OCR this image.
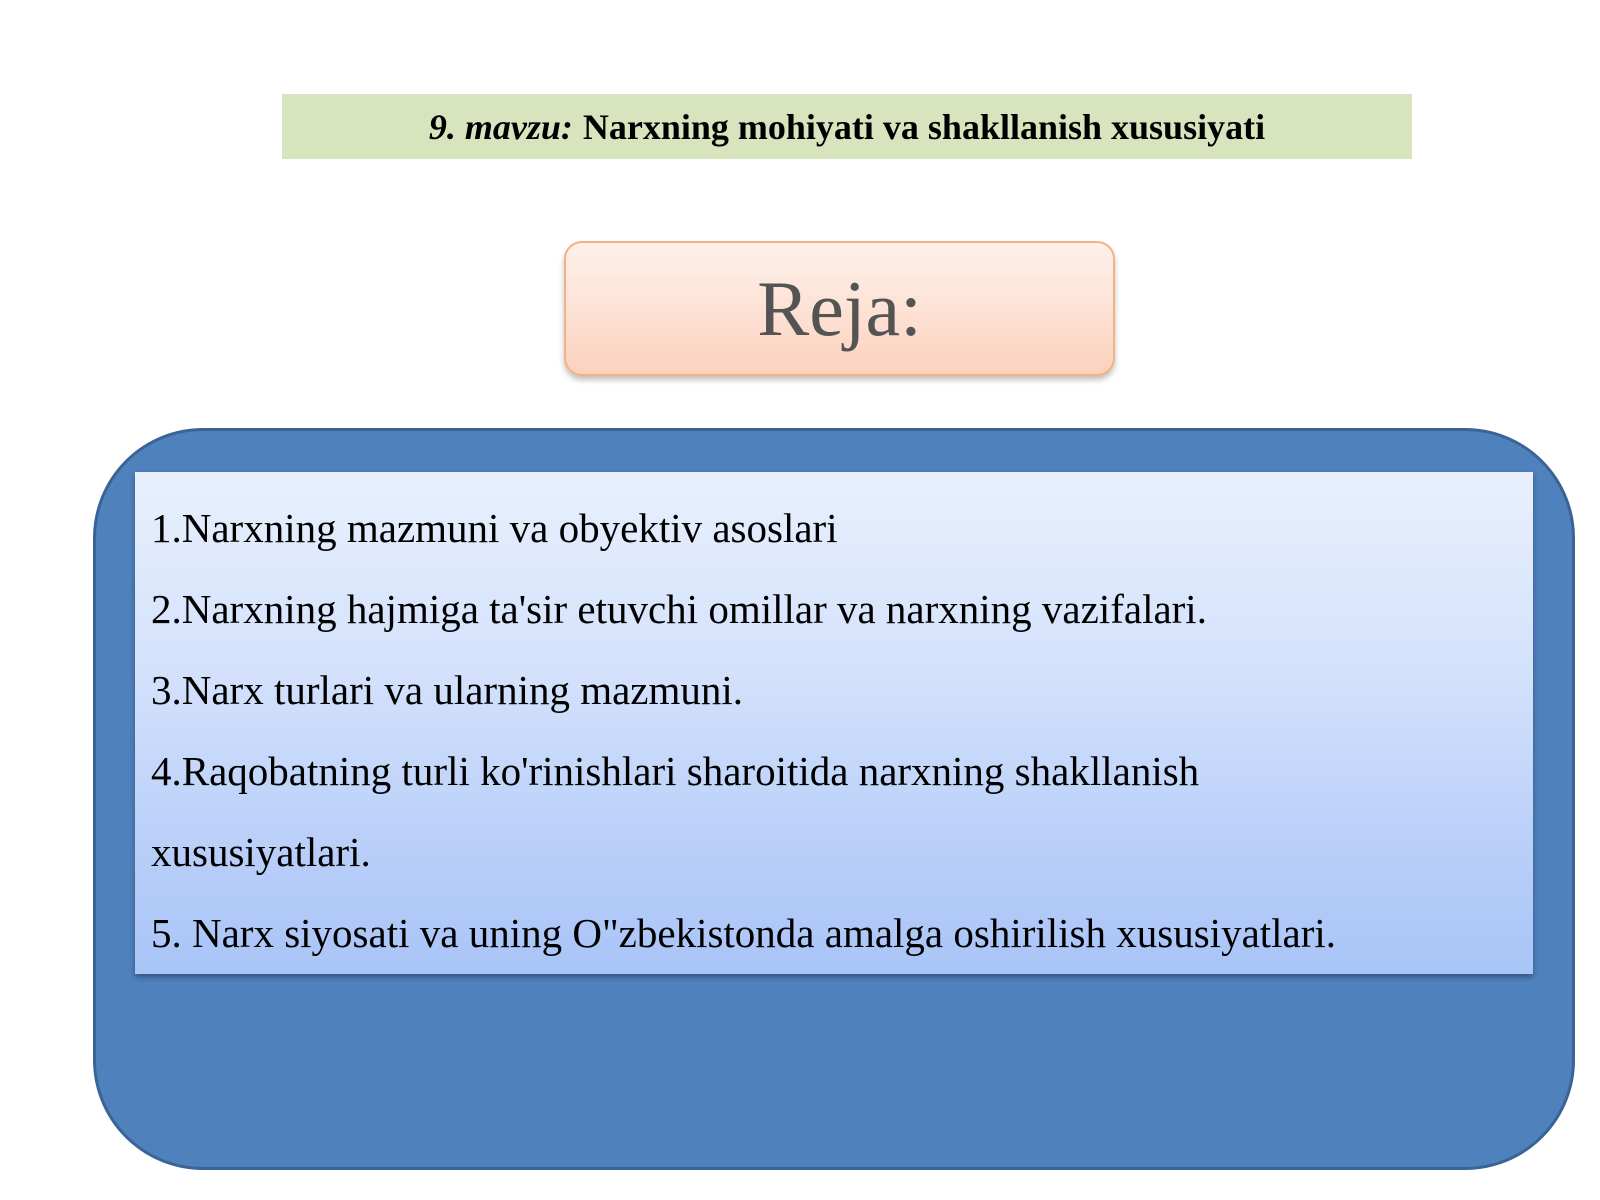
9. mavzu: Narxning mohiyati va shakllanish xususiyati
Reja:
1.Narxning mazmuni va obyektiv asoslari
2.Narxning hajmiga ta'sir etuvchi omillar va narxning vazifalari.
3.Narx turlari va ularning mazmuni.
4.Raqobatning turli ko'rinishlari sharoitida narxning shakllanish
xususiyatlari.
5. Narx siyosati va uning O"zbekistonda amalga oshirilish xususiyatlari.
